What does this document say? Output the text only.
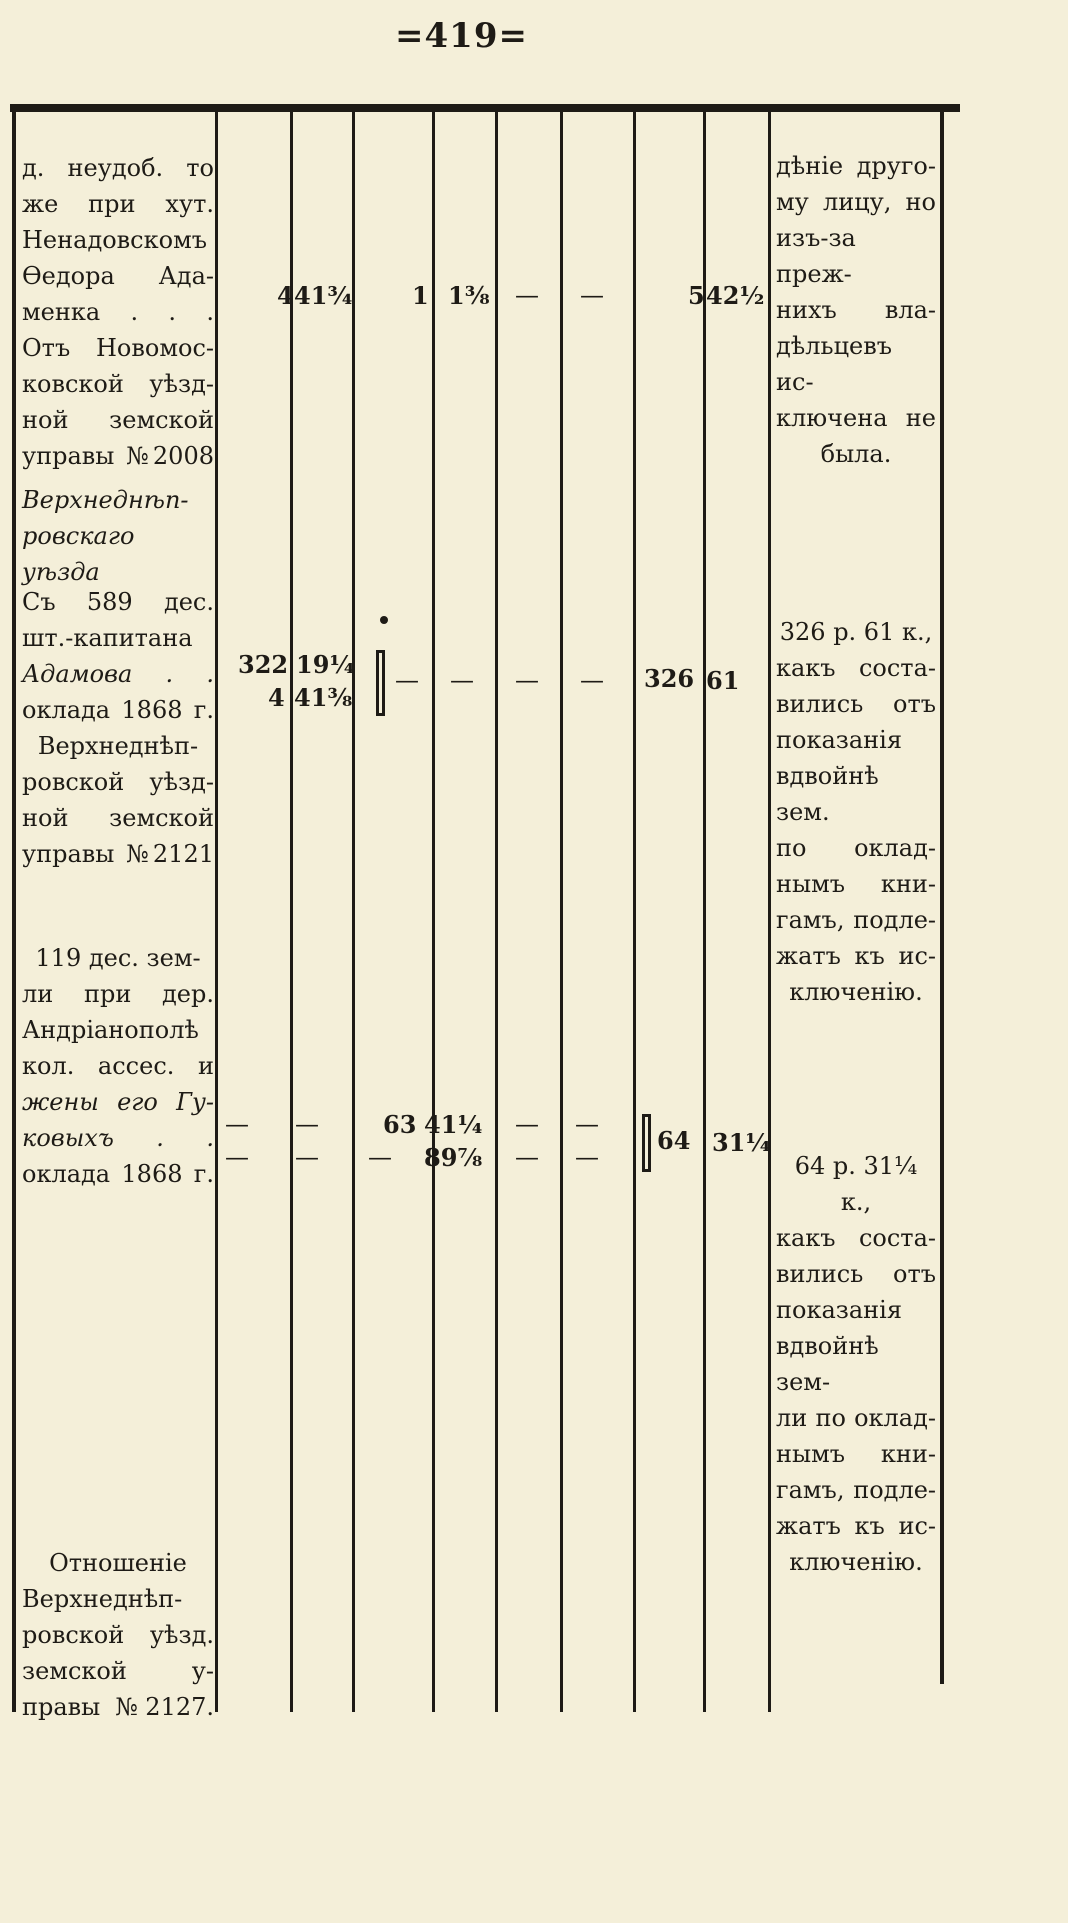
= 419 =
д. неудоб. то
же при хут.
Ненадовскомъ
Өедора Ада-
менка . . .
Отъ Новомос-
ковской уѣзд-
ной земской
управы №2008
4 41¾ 1 1⅜ — —	5 42½
дѣніе друго-
му лицу, но
изъ-за преж-
нихъ вла-
дѣльцевъ ис-
ключена не
была.
Верхнеднѣп-
ровскаго уѣзда
Съ 589 дес.
шт.-капитана
Адамова . .
оклада 1868 г.
Верхнеднѣп-
ровской уѣзд-
ной земской
управы №2121
322 19¼
4 41⅜
— — — — 326 61
326 р. 61 к.,
какъ соста-
вились отъ
показанія
вдвойнѣ зем.
по оклад-
нымъ кни-
гамъ, подле-
жатъ къ ис-
ключенію.
119 дес. зем-
ли при дер.
Андріанополѣ
кол. ассес. и
жены его Гу-
ковыхъ . .
оклада 1868 г.
— —
— — —
63 41¼
89⅞
— —
— —
64 31¼
64 р. 31¼ к.,
какъ соста-
вились отъ
показанія
вдвойнѣ зем-
ли по оклад-
нымъ кни-
гамъ, подле-
жатъ къ ис-
ключенію.
Отношеніе
Верхнеднѣп-
ровской уѣзд.
земской у-
правы №2127.
